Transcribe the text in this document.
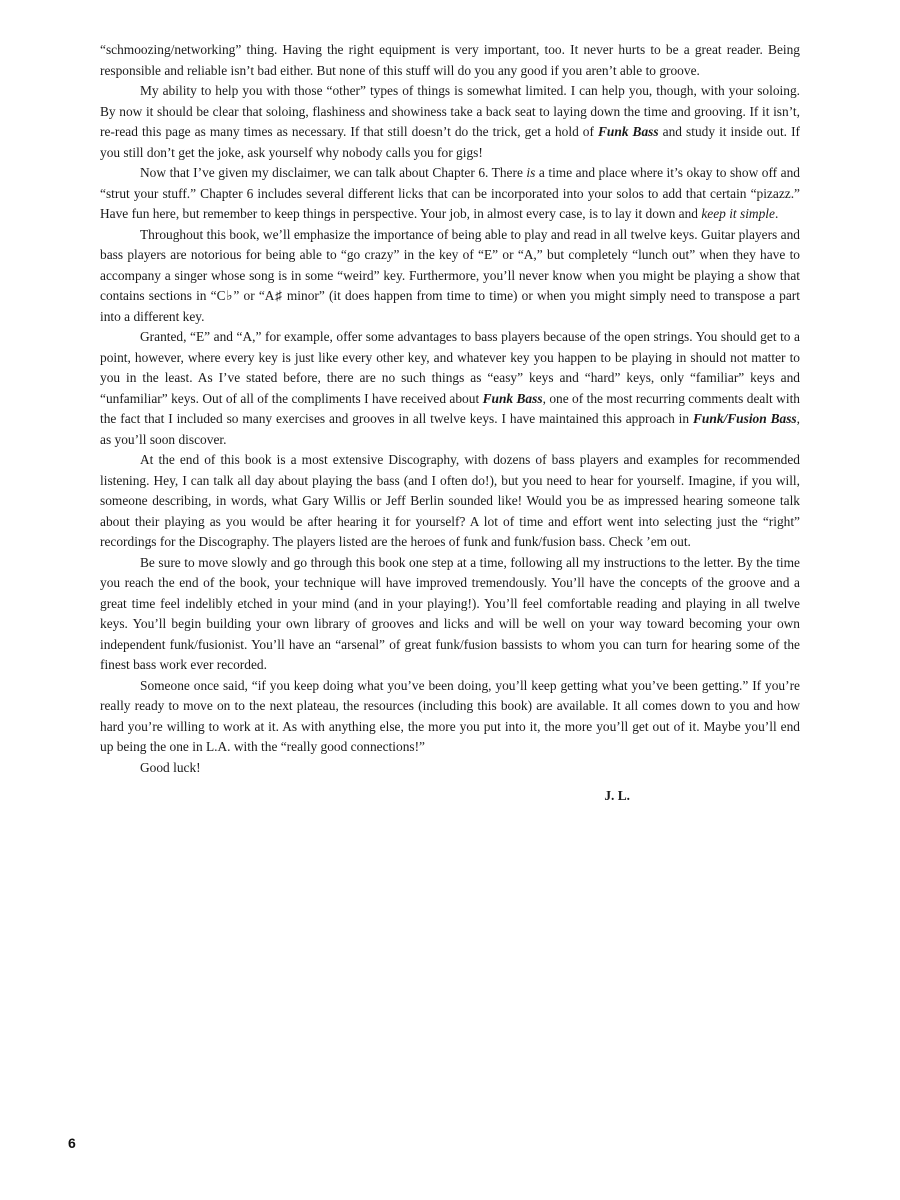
“schmoozing/networking” thing. Having the right equipment is very important, too. It never hurts to be a great reader. Being responsible and reliable isn’t bad either. But none of this stuff will do you any good if you aren’t able to groove.

My ability to help you with those “other” types of things is somewhat limited. I can help you, though, with your soloing. By now it should be clear that soloing, flashiness and showiness take a back seat to laying down the time and grooving. If it isn’t, re-read this page as many times as necessary. If that still doesn’t do the trick, get a hold of Funk Bass and study it inside out. If you still don’t get the joke, ask yourself why nobody calls you for gigs!

Now that I’ve given my disclaimer, we can talk about Chapter 6. There is a time and place where it’s okay to show off and “strut your stuff.” Chapter 6 includes several different licks that can be incorporated into your solos to add that certain “pizazz.” Have fun here, but remember to keep things in perspective. Your job, in almost every case, is to lay it down and keep it simple.

Throughout this book, we’ll emphasize the importance of being able to play and read in all twelve keys. Guitar players and bass players are notorious for being able to “go crazy” in the key of “E” or “A,” but completely “lunch out” when they have to accompany a singer whose song is in some “weird” key. Furthermore, you’ll never know when you might be playing a show that contains sections in “C♭” or “A♯ minor” (it does happen from time to time) or when you might simply need to transpose a part into a different key.

Granted, “E” and “A,” for example, offer some advantages to bass players because of the open strings. You should get to a point, however, where every key is just like every other key, and whatever key you happen to be playing in should not matter to you in the least. As I’ve stated before, there are no such things as “easy” keys and “hard” keys, only “familiar” keys and “unfamiliar” keys. Out of all of the compliments I have received about Funk Bass, one of the most recurring comments dealt with the fact that I included so many exercises and grooves in all twelve keys. I have maintained this approach in Funk/Fusion Bass, as you’ll soon discover.

At the end of this book is a most extensive Discography, with dozens of bass players and examples for recommended listening. Hey, I can talk all day about playing the bass (and I often do!), but you need to hear for yourself. Imagine, if you will, someone describing, in words, what Gary Willis or Jeff Berlin sounded like! Would you be as impressed hearing someone talk about their playing as you would be after hearing it for yourself? A lot of time and effort went into selecting just the “right” recordings for the Discography. The players listed are the heroes of funk and funk/fusion bass. Check ’em out.

Be sure to move slowly and go through this book one step at a time, following all my instructions to the letter. By the time you reach the end of the book, your technique will have improved tremendously. You’ll have the concepts of the groove and a great time feel indelibly etched in your mind (and in your playing!). You’ll feel comfortable reading and playing in all twelve keys. You’ll begin building your own library of grooves and licks and will be well on your way toward becoming your own independent funk/fusionist. You’ll have an “arsenal” of great funk/fusion bassists to whom you can turn for hearing some of the finest bass work ever recorded.

Someone once said, “if you keep doing what you’ve been doing, you’ll keep getting what you’ve been getting.” If you’re really ready to move on to the next plateau, the resources (including this book) are available. It all comes down to you and how hard you’re willing to work at it. As with anything else, the more you put into it, the more you’ll get out of it. Maybe you’ll end up being the one in L.A. with the “really good connections!”

Good luck!

J. L.
6
